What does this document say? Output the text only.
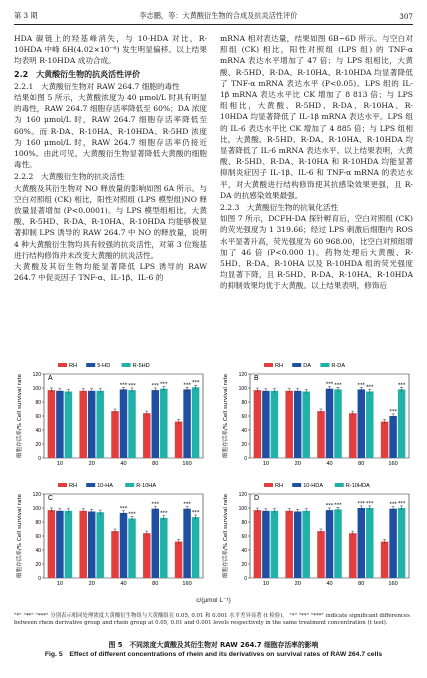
第 3 期	李志鹏，等：大黄酸衍生物的合成及抗炎活性评价	307

HDA 碳链上的羟基峰消失，与 10-HDA 对比，R-10HDA 中峰 δH(4.02×10⁻⁶) 发生明显偏移。以上结果均表明 R-10HDA 成功合成。

2.2　大黄酸衍生物的抗炎活性评价

2.2.1　大黄酸衍生物对 RAW 264.7 细胞的毒性

结果如图 5 所示，大黄酸浓度为 40 μmol/L 时具有明显的毒性，RAW 264.7 细胞存活率降低至 60%；DA 浓度为 160 μmol/L 时，RAW 264.7 细胞存活率降低至 60%。而 R-DA、R-10HA、R-10HDA、R-5HD 浓度为 160 μmol/L 时，RAW 264.7 细胞存活率仍接近 100%。由此可见，大黄酸衍生物显著降低大黄酸的细胞毒性。

2.2.2　大黄酸衍生物的抗炎活性

大黄酸及其衍生物对 NO 释放量的影响如图 6A 所示。与空白对照组 (CK) 相比，阳性对照组 (LPS 模型组)NO 释放量显著增加 (P<0.0001)。与 LPS 模型组相比，大黄酸、R-5HD、R-DA、R-10HA、R-10HDA 均能够极显著抑制 LPS 诱导的 RAW 264.7 中 NO 的释放量，说明 4 种大黄酸衍生物均具有较强的抗炎活性，对第 3 位羧基进行结构修饰并未改变大黄酸的抗炎活性。

大黄酸及其衍生物均能显著降低 LPS 诱导的 RAW 264.7 中促炎因子 TNF-α、IL-1β、IL-6 的

mRNA 相对表达量，结果如图 6B~6D 所示。与空白对照组 (CK) 相比，阳性对照组 (LPS 组) 的 TNF-α mRNA 表达水平增加了 47 倍；与 LPS 组相比，大黄酸、R-5HD、R-DA、R-10HA、R-10HDA 均显著降低了 TNF-α mRNA 表达水平 (P<0.05)。LPS 组的 IL-1β mRNA 表达水平比 CK 增加了 8 813 倍；与 LPS 组相比，大黄酸、R-5HD、R-DA、R-10HA、R-10HDA 均显著降低了 IL-1β mRNA 表达水平。LPS 组的 IL-6 表达水平比 CK 增加了 4 885 倍；与 LPS 组相比，大黄酸、R-5HD、R-DA、R-10HA、R-10HDA 均显著降低了 IL-6 mRNA 表达水平。以上结果表明，大黄酸、R-5HD、R-DA、R-10HA 和 R-10HDA 均能显著抑制炎症因子 IL-1β、IL-6 和 TNF-α mRNA 的表达水平，对大黄酸进行结构修饰使其抗感染效果更强，且 R-DA 的抗感染效果最强。

2.2.3　大黄酸衍生物的抗氧化活性

如图 7 所示，DCFH-DA 探针孵育后，空白对照组 (CK) 的荧光强度为 1 319.66；经过 LPS 刺激后细胞内 ROS 水平显著升高，荧光强度为 60 968.00，比空白对照组增加了 46 倍 (P<0.000 1)。药物处理后大黄酸、R-5HD、R-DA、R-10HA 以及 R-10HDA 组的荧光强度均显著下降，且 R-5HD、R-DA、R-10HA、R-10HDA 的抑制效果均优于大黄酸。以上结果表明，修饰后

A
细胞存活率/% Cell survival rate
0
20
40
60
80
100
120
RH	5-HD	R-5HD
10	20
*** ***
40
*** ***
80
*** ***
160
B
细胞存活率/% Cell survival rate
0
20
40
60
80
100
120
RH	DA	R-DA
10	20
*** ***
40
*** ***
80
***
***
160
C
细胞存活率/% Cell survival rate
0
20
40
60
80
100
120
RH	10-HA	R-10HA
10	20
***
***
40
***
***
80
***
***
160
D
细胞存活率/% Cell survival rate
0
20
40
60
80
100
120
RH	10-HDA	R-10HDA
10	20
*** ***
40
*** ***
80
*** ***
160
c/(μmol L⁻¹)
"*" "**" "***" 分别表示相同处理浓度大黄酸衍生物组与大黄酸组在 0.05, 0.01 和 0.001 水平差异显著 (t 检验)。 "*" "**" "***" indicate significant differences between rhein derivative group and rhein group at 0.05, 0.01 and 0.001 levels respectively in the same treatment concentration (t test).
图 5　不同浓度大黄酸及其衍生物对 RAW 264.7 细胞存活率的影响
Fig. 5　Effect of different concentrations of rhein and its derivatives on survival rates of RAW 264.7 cells
